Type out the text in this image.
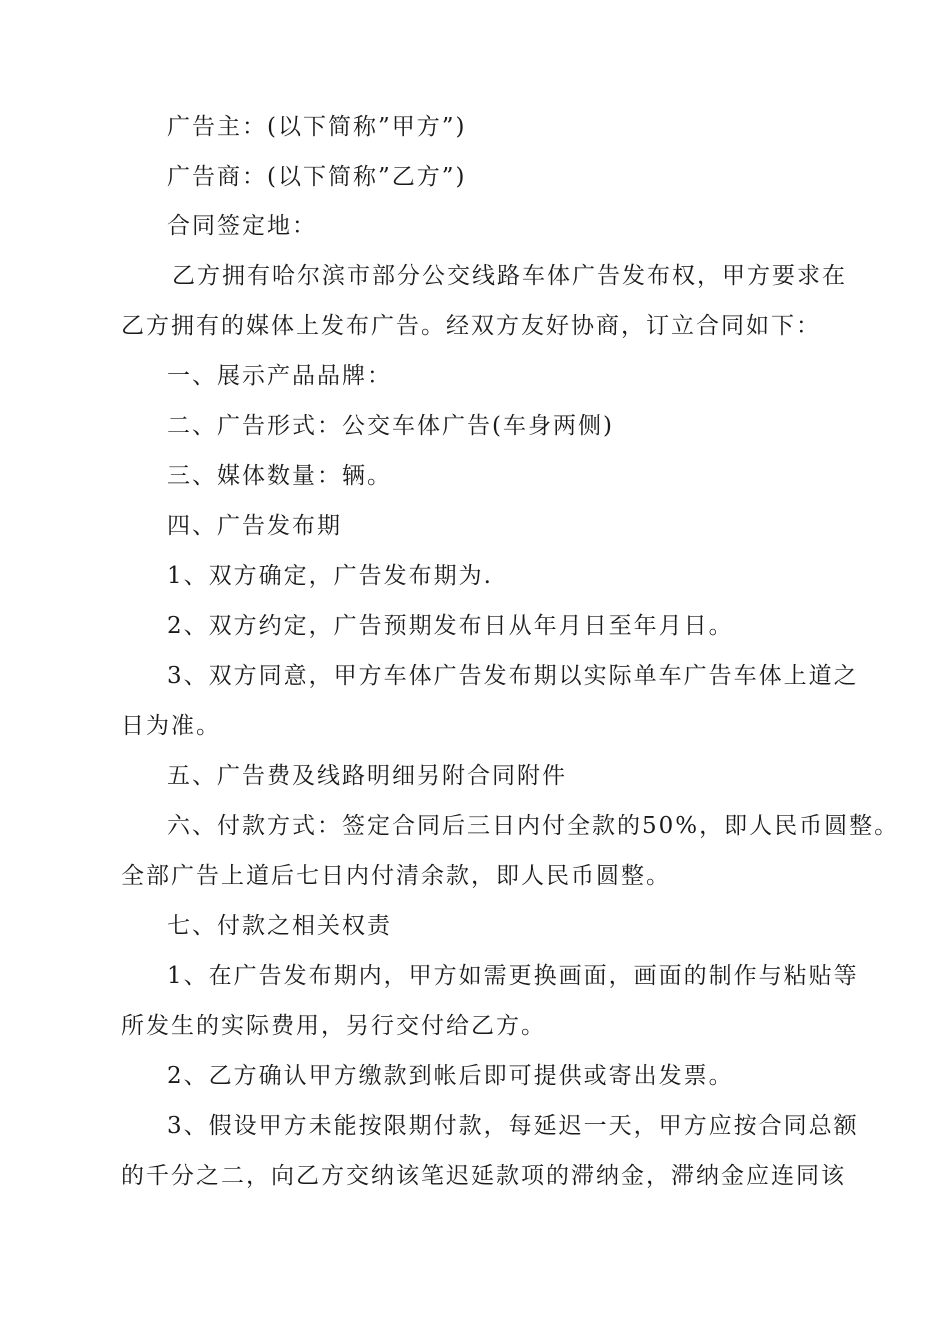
广告主：(以下简称”甲方”)
广告商：(以下简称”乙方”)
合同签定地：
乙方拥有哈尔滨市部分公交线路车体广告发布权，甲方要求在
乙方拥有的媒体上发布广告。经双方友好协商，订立合同如下：
一、展示产品品牌：
二、广告形式：公交车体广告(车身两侧)
三、媒体数量：辆。
四、广告发布期
1、双方确定，广告发布期为.
2、双方约定，广告预期发布日从年月日至年月日。
3、双方同意，甲方车体广告发布期以实际单车广告车体上道之
日为准。
五、广告费及线路明细另附合同附件
六、付款方式：签定合同后三日内付全款的50%，即人民币圆整。
全部广告上道后七日内付清余款，即人民币圆整。
七、付款之相关权责
1、在广告发布期内，甲方如需更换画面，画面的制作与粘贴等
所发生的实际费用，另行交付给乙方。
2、乙方确认甲方缴款到帐后即可提供或寄出发票。
3、假设甲方未能按限期付款，每延迟一天，甲方应按合同总额
的千分之二，向乙方交纳该笔迟延款项的滞纳金，滞纳金应连同该
